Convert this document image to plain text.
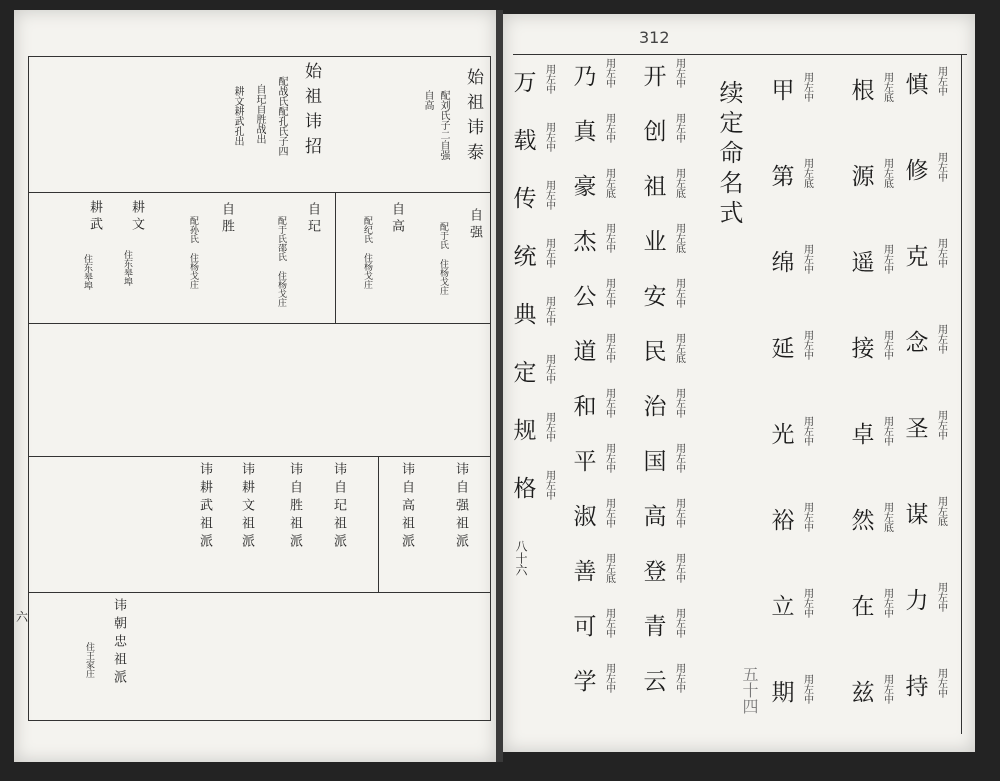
始祖讳泰
配刘氏子二自强
自高
始祖讳招
配战氏配孔氏子四
自玘自胜战出
耕文耕武孔出
自强
配于氏 住杨戈庄
自高
配纪氏 住杨戈庄
自玘
配于氏邵氏 住杨戈庄
自胜
配孙氏 住杨戈庄
耕文
住东皋埠
耕武
住东皋埠
讳自强祖派
讳自高祖派
讳自玘祖派
讳自胜祖派
讳耕文祖派
讳耕武祖派
讳朝忠祖派
住王家庄
六
312
续定命名式	慎 用左中
修 用左中
克 用左中
念 用左中
圣 用左中
谋 用左底
力 用左中
持 用左中
根 用左底
源 用左底
遥 用左中
接 用左中
卓 用左中
然 用左底
在 用左中
兹 用左中
甲 用左中
第 用左底
绵 用左中
延 用左中
光 用左中
裕 用左中
立 用左中
期 用左中
开 用左中
创 用左中
祖 用左底
业 用左底
安 用左中
民 用左底
治 用左中
国 用左中
高 用左中
登 用左中
青 用左中
云 用左中
乃 用左中
真 用左中
豪 用左底
杰 用左中
公 用左中
道 用左中
和 用左中
平 用左中
淑 用左中
善 用左底
可 用左中
学 用左中
万 用左中
载 用左中
传 用左中
统 用左中
典 用左中
定 用左中
规 用左中
格 用左中
八十六
五十四
